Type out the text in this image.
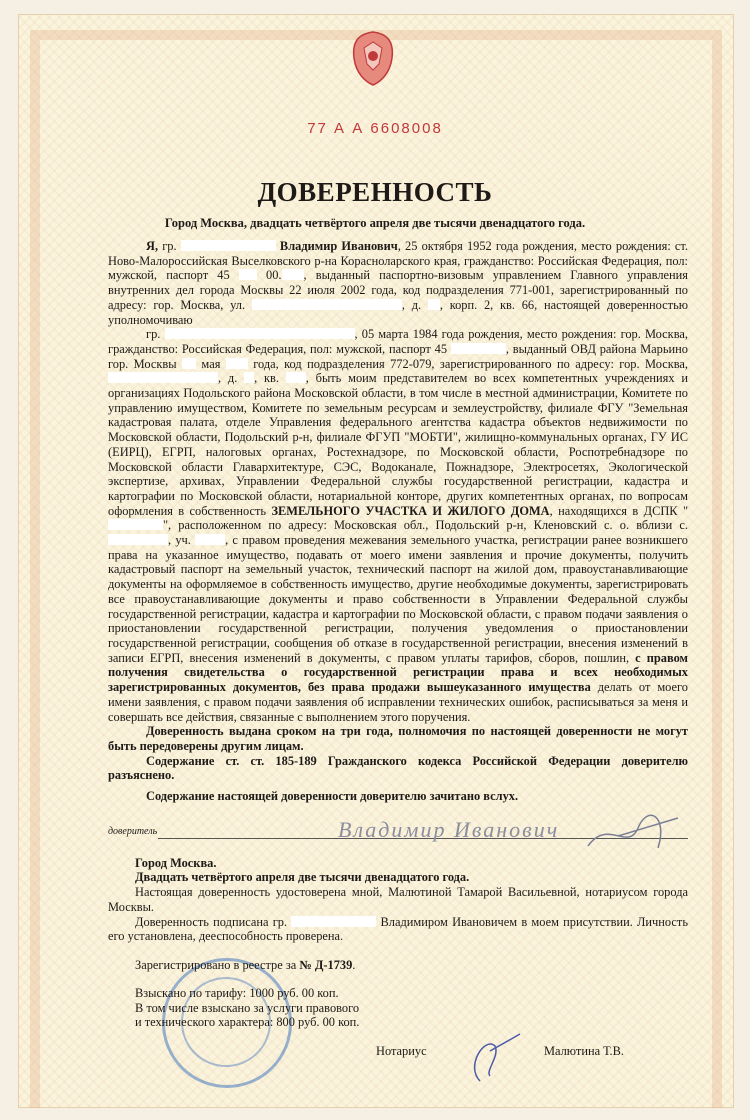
77 А А 6608008
ДОВЕРЕННОСТЬ
Город Москва, двадцать четвёртого апреля две тысячи двенадцатого года.

Я, гр.	Владимир Иванович, 25 октября 1952 года рождения, место рождения: ст. Ново-Малороссийская Выселковского р-на Корасноларского края, гражданство: Российская Федерация, пол: мужской, паспорт 45  00. , выданный паспортно-визовым управлением Главного управления внутренних дел города Москвы 22 июля 2002 года, код подразделения 771-001, зарегистрированный по адресу: гор. Москва, ул.	, д. , корп. 2, кв. 66, настоящей доверенностью уполномочиваю

гр.	, 05 марта 1984 года рождения, место рождения: гор. Москва, гражданство: Российская Федерация, пол: мужской, паспорт 45	, выданный ОВД района Марьино гор. Москвы  мая  года, код подразделения 772-079, зарегистрированного по адресу: гор. Москва, , д. , кв. , быть моим представителем во всех компетентных учреждениях и организациях Подольского района Московской области, в том числе в местной администрации, Комитете по управлению имуществом, Комитете по земельным ресурсам и землеустройству, филиале ФГУ "Земельная кадастровая палата, отделе Управления федерального агентства кадастра объектов недвижимости по Московской области, Подольский р-н, филиале ФГУП "МОБТИ", жилищно-коммунальных органах, ГУ ИС (ЕИРЦ), ЕГРП, налоговых органах, Ростехнадзоре, по Московской области, Роспотребнадзоре по Московской области Главархитектуре, СЭС, Водоканале, Пожнадзоре, Электросетях, Экологической экспертизе, архивах, Управлении Федеральной службы государственной регистрации, кадастра и картографии по Московской области, нотариальной конторе, других компетентных органах, по вопросам оформления в собственность ЗЕМЕЛЬНОГО УЧАСТКА И ЖИЛОГО ДОМА, находящихся в ДСПК "", расположенном по адресу: Московская обл., Подольский р-н, Кленовский с. о. вблизи с. , уч. , с правом проведения межевания земельного участка, регистрации ранее возникшего права на указанное имущество, подавать от моего имени заявления и прочие документы, получить кадастровый паспорт на земельный участок, технический паспорт на жилой дом, правоустанавливающие документы на оформляемое в собственность имущество, другие необходимые документы, зарегистрировать все правоустанавливающие документы и право собственности в Управлении Федеральной службы государственной регистрации, кадастра и картографии по Московской области, с правом подачи заявления о приостановлении государственной регистрации, получения уведомления о приостановлении государственной регистрации, сообщения об отказе в государственной регистрации, внесения изменений в записи ЕГРП, внесения изменений в документы, с правом уплаты тарифов, сборов, пошлин, с правом получения свидетельства о государственной регистрации права и всех необходимых зарегистрированных документов, без права продажи вышеуказанного имущества делать от моего имени заявления, с правом подачи заявления об исправлении технических ошибок, расписываться за меня и совершать все действия, связанные с выполнением этого поручения.

Доверенность выдана сроком на три года, полномочия по настоящей доверенности не могут быть передоверены другим лицам.

Содержание ст. ст. 185-189 Гражданского кодекса Российской Федерации доверителю разъяснено.

Содержание настоящей доверенности доверителю зачитано вслух.

доверитель	Владимир Иванович

Город Москва.

Двадцать четвёртого апреля две тысячи двенадцатого года.

Настоящая доверенность удостоверена мной, Малютиной Тамарой Васильевной, нотариусом города Москвы.

Доверенность подписана гр.	Владимиром Ивановичем в моем присутствии. Личность его установлена, дееспособность проверена.

Зарегистрировано в реестре за № Д-1739.
Взыскано по тарифу: 1000 руб. 00 коп.
В том числе взыскано за услуги правового
и технического характера: 800 руб. 00 коп.
Нотариус	Малютина Т.В.
